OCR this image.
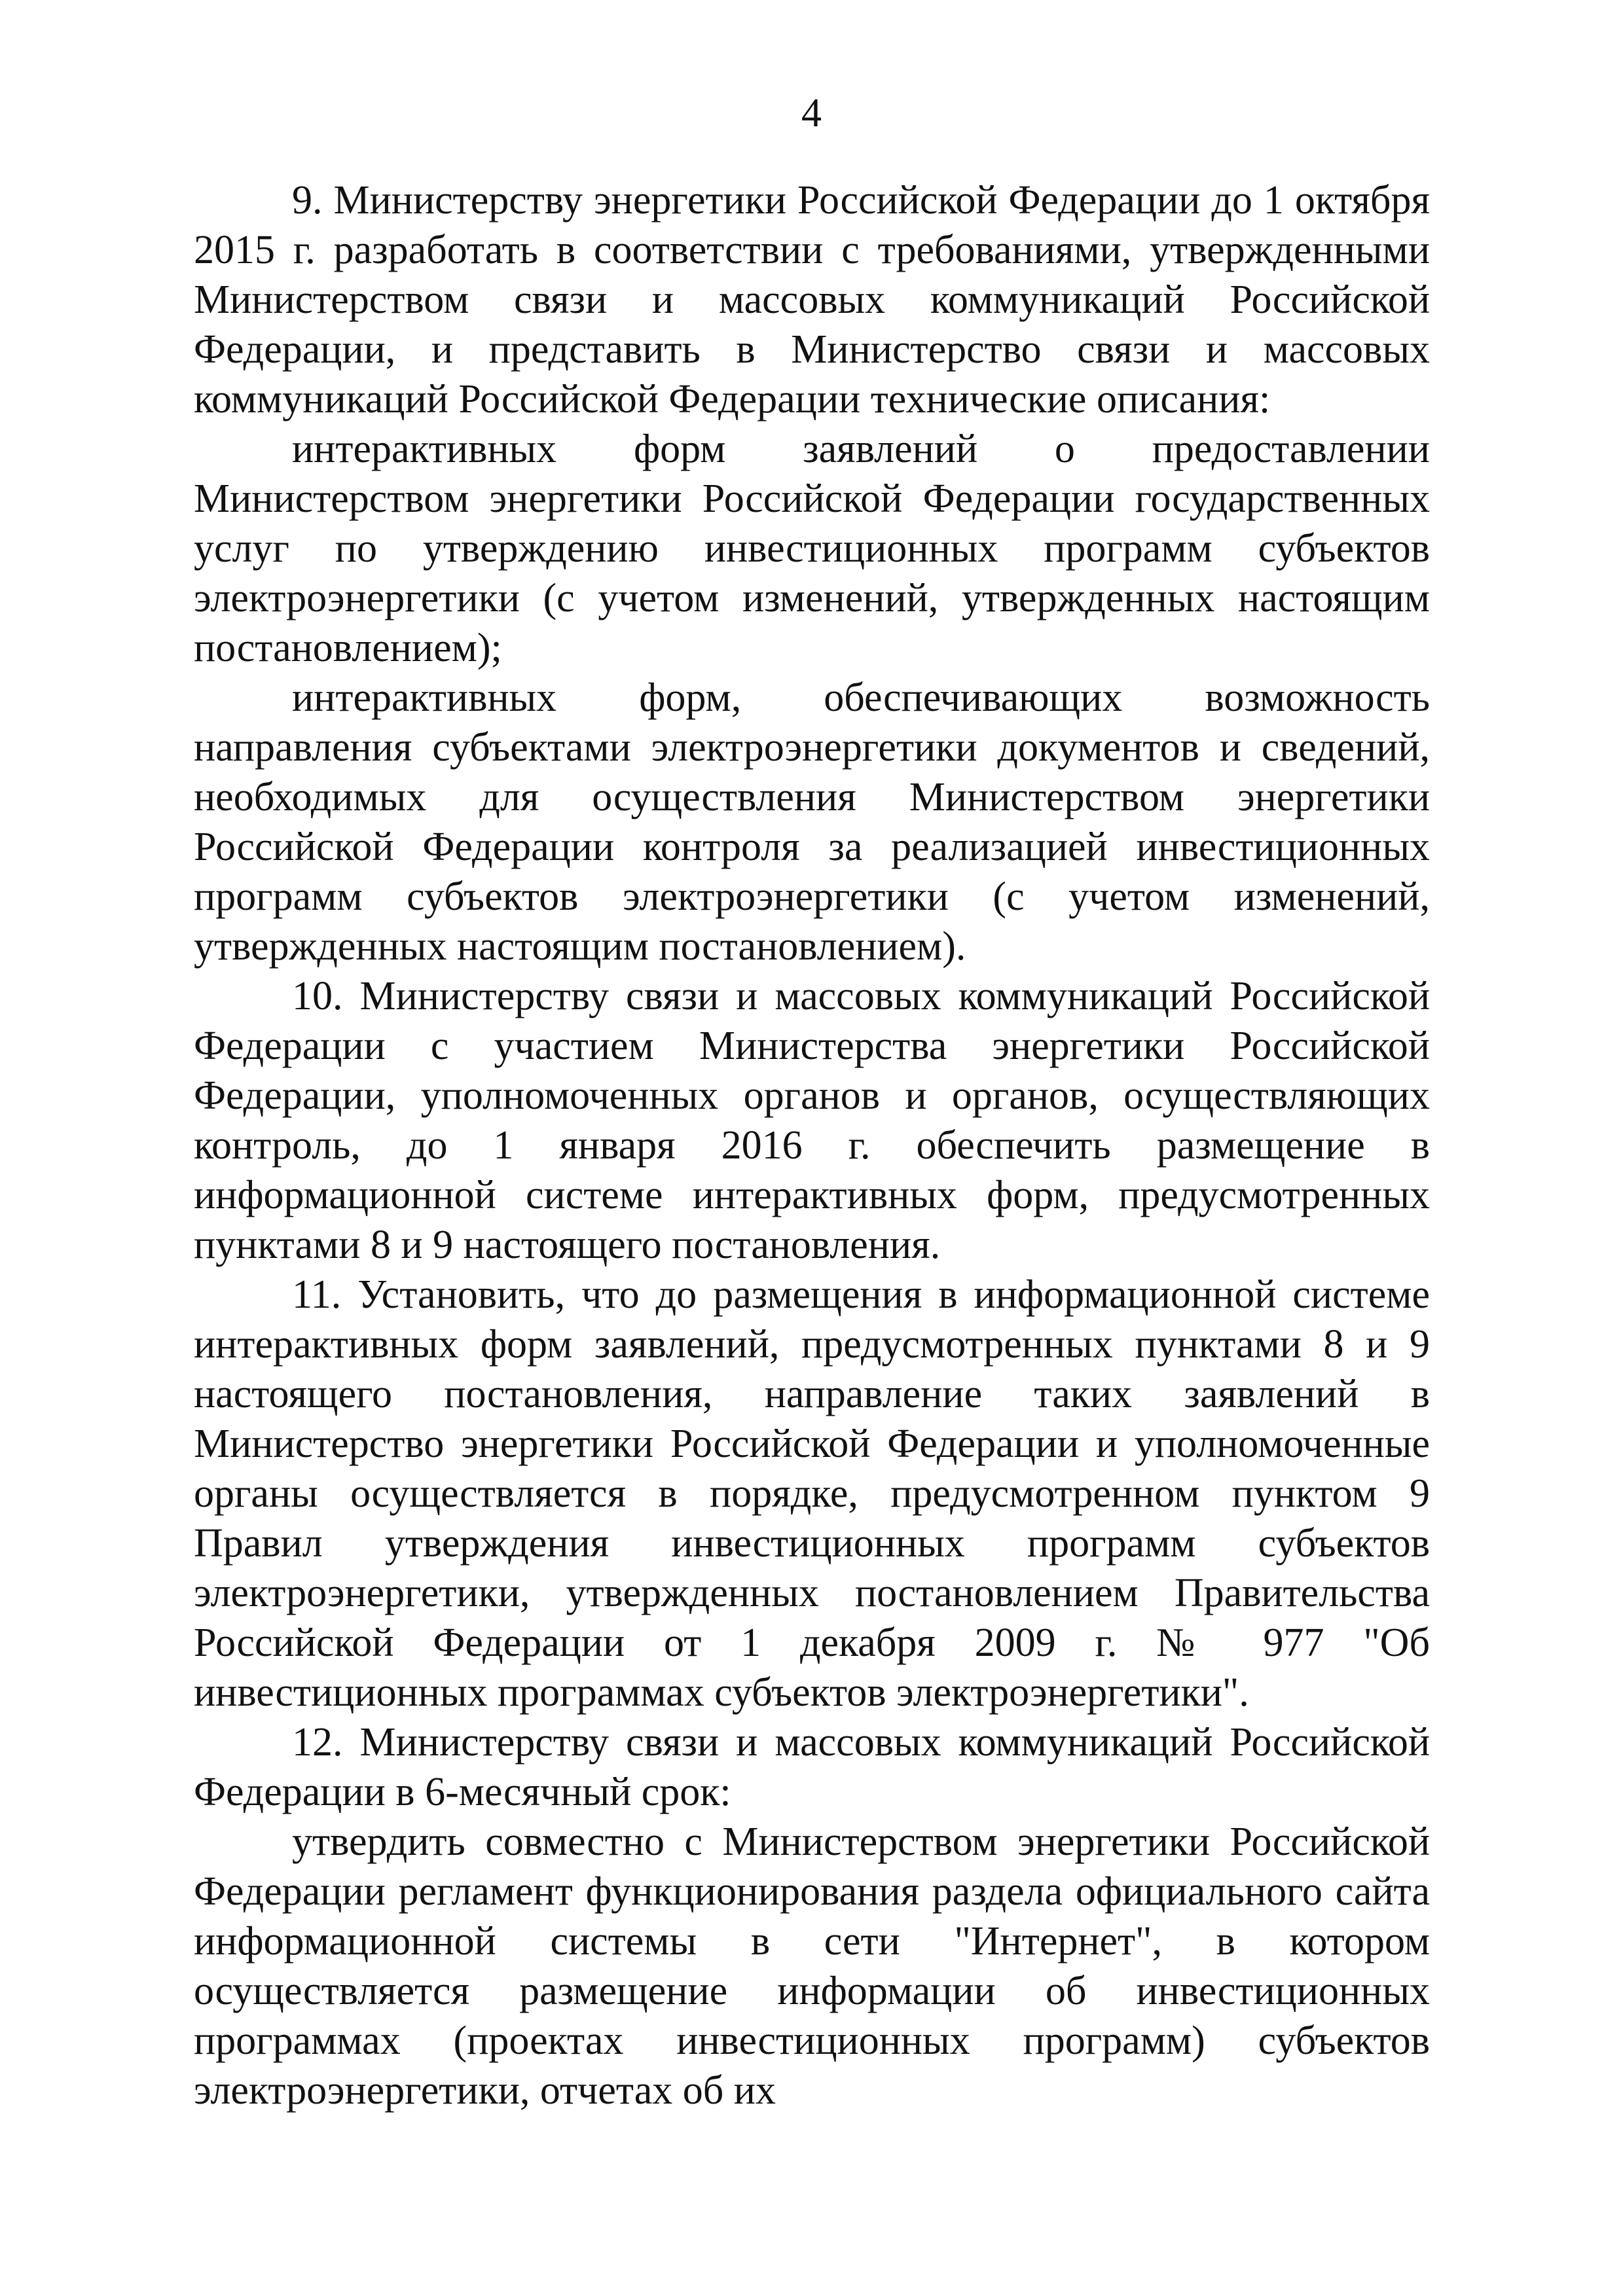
4

9. Министерству энергетики Российской Федерации до 1 октября 2015 г. разработать в соответствии с требованиями, утвержденными Министерством связи и массовых коммуникаций Российской Федерации, и представить в Министерство связи и массовых коммуникаций Российской Федерации технические описания:

интерактивных форм заявлений о предоставлении Министерством энергетики Российской Федерации государственных услуг по утверждению инвестиционных программ субъектов электроэнергетики (с учетом изменений, утвержденных настоящим постановлением);

интерактивных форм, обеспечивающих возможность направления субъектами электроэнергетики документов и сведений, необходимых для осуществления Министерством энергетики Российской Федерации контроля за реализацией инвестиционных программ субъектов электроэнергетики (с учетом изменений, утвержденных настоящим постановлением).

10. Министерству связи и массовых коммуникаций Российской Федерации с участием Министерства энергетики Российской Федерации, уполномоченных органов и органов, осуществляющих контроль, до 1 января 2016 г. обеспечить размещение в информационной системе интерактивных форм, предусмотренных пунктами 8 и 9 настоящего постановления.

11. Установить, что до размещения в информационной системе интерактивных форм заявлений, предусмотренных пунктами 8 и 9 настоящего постановления, направление таких заявлений в Министерство энергетики Российской Федерации и уполномоченные органы осуществляется в порядке, предусмотренном пунктом 9 Правил утверждения инвестиционных программ субъектов электроэнергетики, утвержденных постановлением Правительства Российской Федерации от 1 декабря 2009 г. № 977 "Об инвестиционных программах субъектов электроэнергетики".

12. Министерству связи и массовых коммуникаций Российской Федерации в 6-месячный срок:

утвердить совместно с Министерством энергетики Российской Федерации регламент функционирования раздела официального сайта информационной системы в сети "Интернет", в котором осуществляется размещение информации об инвестиционных программах (проектах инвестиционных программ) субъектов электроэнергетики, отчетах об их
